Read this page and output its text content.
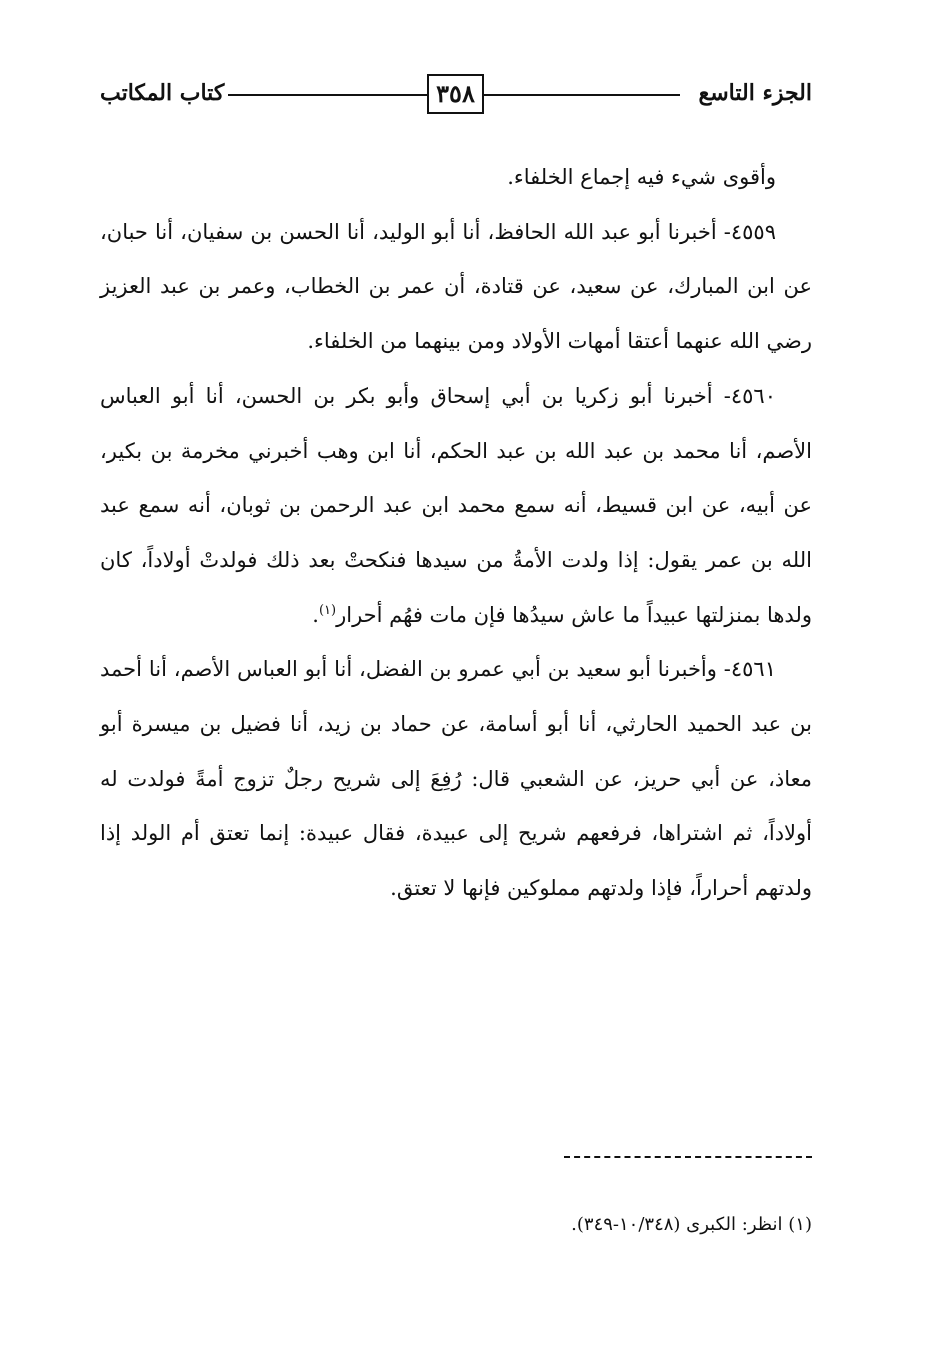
الجزء التاسع
٣٥٨
كتاب المكاتب

وأقوى شيء فيه إجماع الخلفاء.

٤٥٥٩- أخبرنا أبو عبد الله الحافظ، أنا أبو الوليد، أنا الحسن بن سفيان، أنا حبان، عن ابن المبارك، عن سعيد، عن قتادة، أن عمر بن الخطاب، وعمر بن عبد العزيز رضي الله عنهما أعتقا أمهات الأولاد ومن بينهما من الخلفاء.

٤٥٦٠- أخبرنا أبو زكريا بن أبي إسحاق وأبو بكر بن الحسن، أنا أبو العباس الأصم، أنا محمد بن عبد الله بن عبد الحكم، أنا ابن وهب أخبرني مخرمة بن بكير، عن أبيه، عن ابن قسيط، أنه سمع محمد ابن عبد الرحمن بن ثوبان، أنه سمع عبد الله بن عمر يقول: إذا ولدت الأمةُ من سيدها فنكحتْ بعد ذلك فولدتْ أولاداً، كان ولدها بمنزلتها عبيداً ما عاش سيدُها فإن مات فهُم أحرار$^{(١)}$.

٤٥٦١- وأخبرنا أبو سعيد بن أبي عمرو بن الفضل، أنا أبو العباس الأصم، أنا أحمد بن عبد الحميد الحارثي، أنا أبو أسامة، عن حماد بن زيد، أنا فضيل بن ميسرة أبو معاذ، عن أبي حريز، عن الشعبي قال: رُفِعَ إلى شريح رجلٌ تزوج أمةً فولدت له أولاداً، ثم اشتراها، فرفعهم شريح إلى عبيدة، فقال عبيدة: إنما تعتق أم الولد إذا ولدتهم أحراراً، فإذا ولدتهم مملوكين فإنها لا تعتق.

(١) انظر: الكبرى (١٠/٣٤٨-٣٤٩).
